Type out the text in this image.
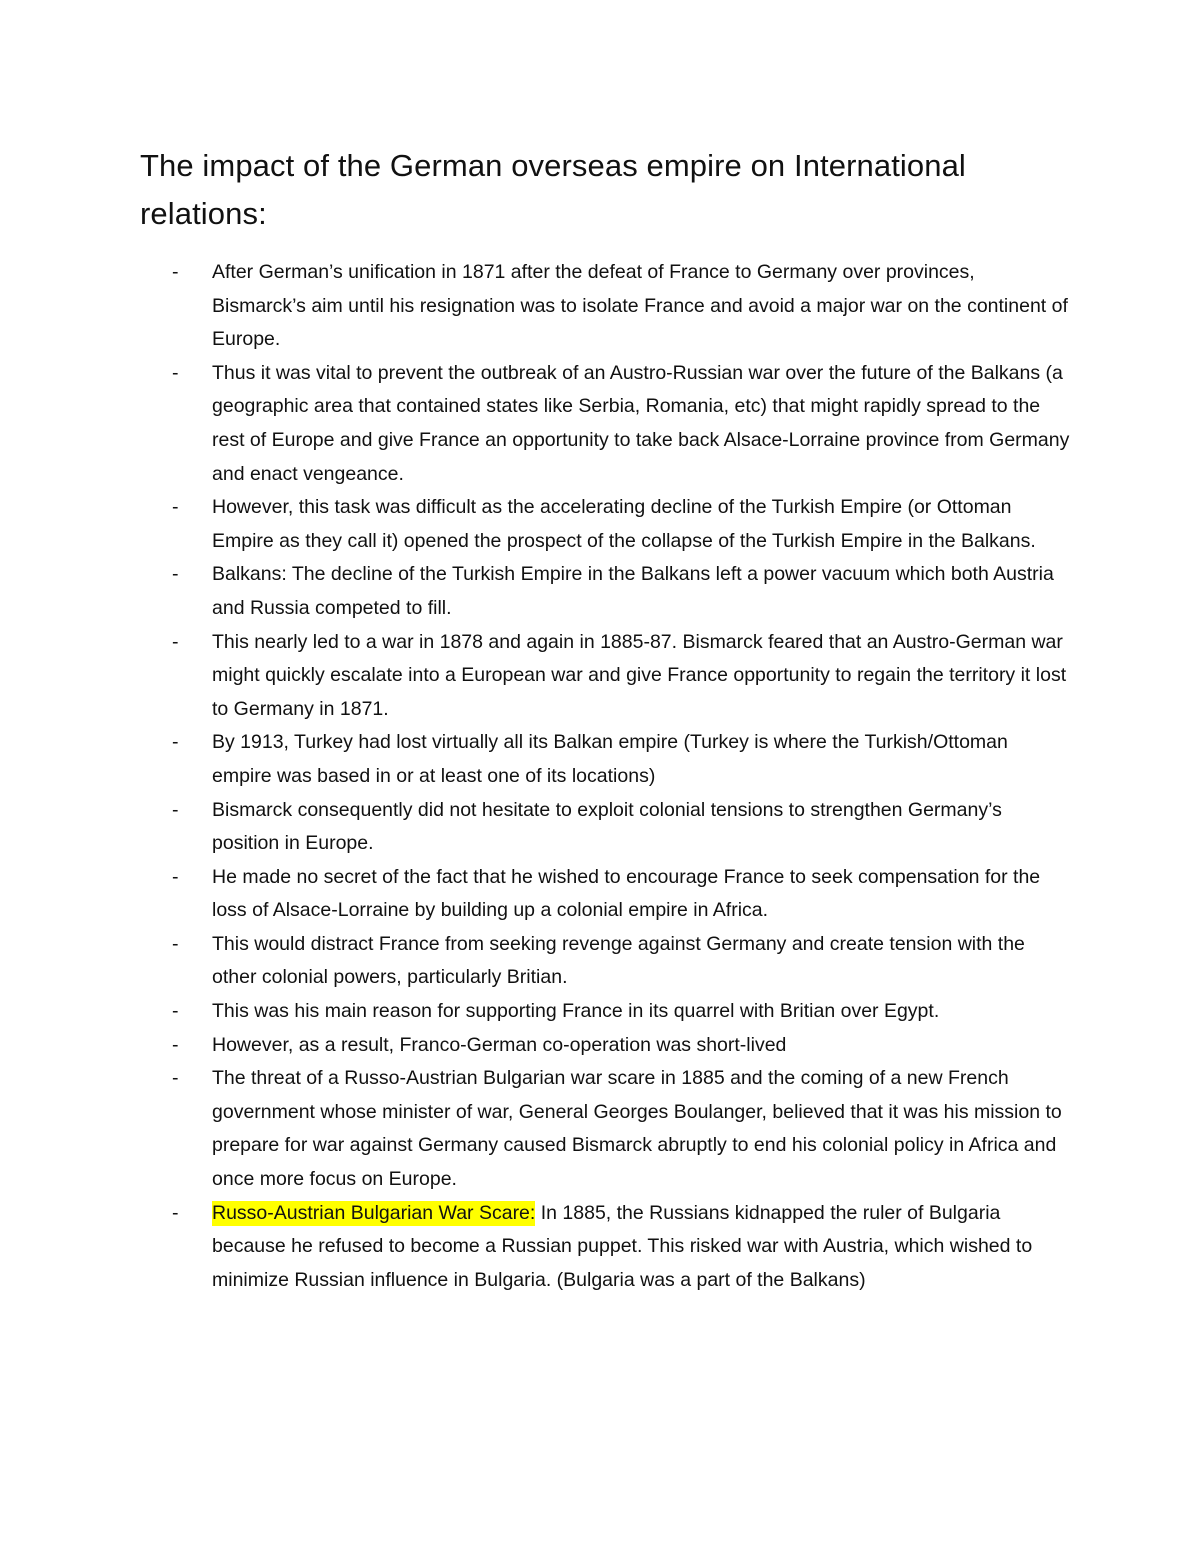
The impact of the German overseas empire on International relations:
-	After German’s unification in 1871 after the defeat of France to Germany over provinces, Bismarck’s aim until his resignation was to isolate France and avoid a major war on the continent of Europe.
-	Thus it was vital to prevent the outbreak of an Austro-Russian war over the future of the Balkans (a geographic area that contained states like Serbia, Romania, etc) that might rapidly spread to the rest of Europe and give France an opportunity to take back Alsace-Lorraine province from Germany and enact vengeance.
-	However, this task was difficult as the accelerating decline of the Turkish Empire (or Ottoman Empire as they call it) opened the prospect of the collapse of the Turkish Empire in the Balkans.
-	Balkans: The decline of the Turkish Empire in the Balkans left a power vacuum which both Austria and Russia competed to fill.
-	This nearly led to a war in 1878 and again in 1885-87. Bismarck feared that an Austro-German war might quickly escalate into a European war and give France opportunity to regain the territory it lost to Germany in 1871.
-	By 1913, Turkey had lost virtually all its Balkan empire (Turkey is where the Turkish/Ottoman empire was based in or at least one of its locations)
-	Bismarck consequently did not hesitate to exploit colonial tensions to strengthen Germany’s position in Europe.
-	He made no secret of the fact that he wished to encourage France to seek compensation for the loss of Alsace-Lorraine by building up a colonial empire in Africa.
-	This would distract France from seeking revenge against Germany and create tension with the other colonial powers, particularly Britian.
-	This was his main reason for supporting France in its quarrel with Britian over Egypt.
-	However, as a result, Franco-German co-operation was short-lived
-	The threat of a Russo-Austrian Bulgarian war scare in 1885 and the coming of a new French government whose minister of war, General Georges Boulanger, believed that it was his mission to prepare for war against Germany caused Bismarck abruptly to end his colonial policy in Africa and once more focus on Europe.
-	Russo-Austrian Bulgarian War Scare: In 1885, the Russians kidnapped the ruler of Bulgaria because he refused to become a Russian puppet. This risked war with Austria, which wished to minimize Russian influence in Bulgaria. (Bulgaria was a part of the Balkans)
